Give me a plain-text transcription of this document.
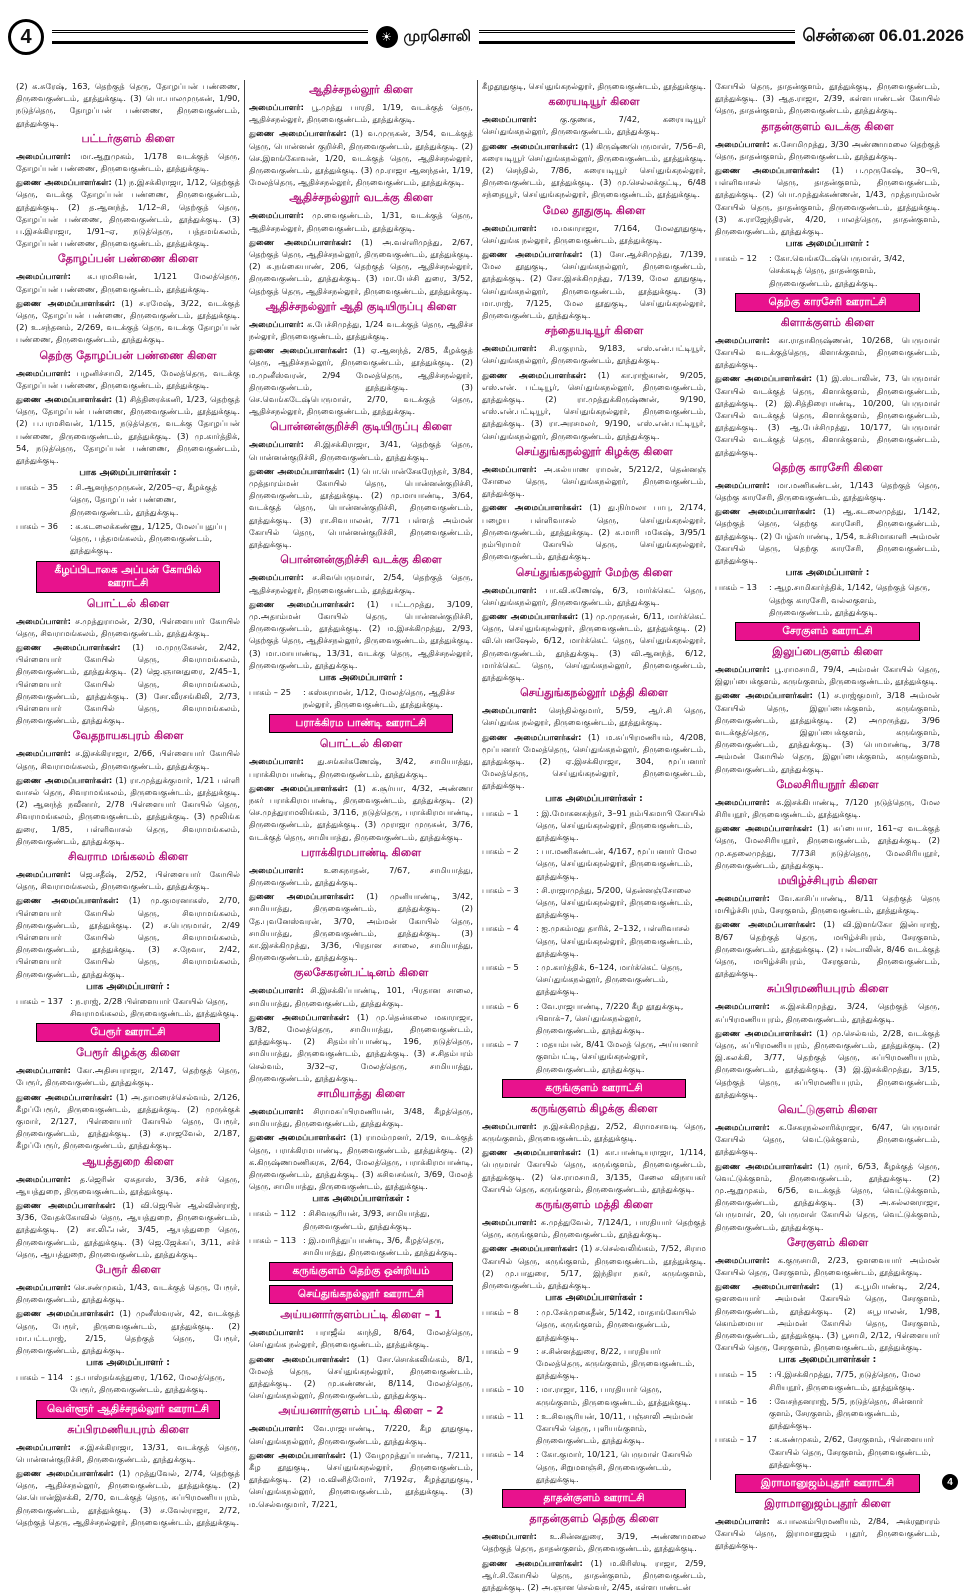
4	☀ முரசொலி	சென்னை 06.01.2026
(2) க.சுரேஷ், 163, தெற்குத் தெரு, தோழப்பன் பண்ணை, திருவைகுண்டம், தூத்துக்குடி. (3) பொ.பாலமுருகன், 1/90, நடுத்தெரு, தோழப்பன் பண்ணை, திருவைகுண்டம், தூத்துக்குடி.
பட்டர்குளம் கிளை
அமைப்பாளர்: மா.ஆறுமுகம், 1/178 வடக்குத் தெரு, தோழப்பன் பண்ணை, திருவைகுண்டம், தூத்துக்குடி.
துணை அமைப்பாளர்கள்: (1) ந.இசக்கிராஜா, 1/12, தெற்குத் தெரு, வடக்கு தோழப்பன் பண்ணை, திருவைகுண்டம், தூத்துக்குடி. (2) த.ஆனந்த், 1/12–சி, தெற்குத் தெரு, தோழப்பன் பண்ணை, திருவைகுண்டம், தூத்துக்குடி. (3) ப.இசக்கிராஜா, 1/91–ஏ, நடுத்தெரு, பத்தமங்கலம், தோழப்பன் பண்ணை, திருவைகுண்டம், தூத்துக்குடி.
தோழப்பன் பண்ணை கிளை
அமைப்பாளர்: க.பரமசிவன், 1/121 மேலத்தெரு, தோழப்பன் பண்ணை, திருவைகுண்டம், தூத்துக்குடி.
துணை அமைப்பாளர்கள்: (1) ச.ரமேஷ், 3/22, வடக்குத் தெரு, தோழப்பன் பண்ணை, திருவைகுண்டம், தூத்துக்குடி. (2) உ.சந்தனம், 2/269, வடக்குத் தெரு, வடக்கு தோழப்பன் பண்ணை, திருவைகுண்டம், தூத்துக்குடி.
தெற்கு தோழப்பன் பண்ணை கிளை
அமைப்பாளர்: பழனிச்சாமி, 2/145, மேலத்தெரு, வடக்கு தோழப்பன் பண்ணை, திருவைகுண்டம், தூத்துக்குடி.
துணை அமைப்பாளர்கள்: (1) சித்திரைக்கனி, 1/23, தெற்குத் தெரு, தோழப்பன் பண்ணை, திருவைகுண்டம், தூத்துக்குடி. (2) ப.பரமசிவன், 1/115, நடுத்தெரு, வடக்கு தோழப்பன் பண்ணை, திருவைகுண்டம், தூத்துக்குடி. (3) மு.கார்த்திக், 54, நடுத்தெரு, தோழப்பன் பண்ணை, திருவைகுண்டம், தூத்துக்குடி.
பாக அமைப்பாளர்கள் :
பாகம் – 35	: சி.ஆனந்தமுருகன், 2/205–ஏ, கீழக்குத் தெரு, தோழப்பன் பண்ணை, திருவைகுண்டம், தூத்துக்குடி.
பாகம் – 36	: க.கடலைக்கண்ணு, 1/125, மேலப்புதுப்பு தெரு, பத்தமங்கலம், திருவைகுண்டம், தூத்துக்குடி.
கீழப்பிடாகை அப்பன் கோயில் ஊராட்சி
பொட்டல் கிளை
அமைப்பாளர்: ச.முத்துராமன், 2/30, பிள்ளையார் கோயில் தெரு, சிவராமங்கலம், திருவைகுண்டம், தூத்துக்குடி.
துணை அமைப்பாளர்கள்: (1) ம.முருகேசன், 2/42, பிள்ளையார் கோயில் தெரு, சிவராமங்கலம், திருவைகுண்டம், தூத்துக்குடி. (2) ஜெ.ஞானதுரை, 2/45–1, பிள்ளையார் கோயில் தெரு, சிவராமங்கலம், திருவைகுண்டம், தூத்துக்குடி. (3) சோ.வீரசங்கிலி, 2/73, பிள்ளையார் கோயில் தெரு, சிவராமங்கலம், திருவைகுண்டம், தூத்துக்குடி.
வேதநாயகபுரம் கிளை
அமைப்பாளர்: ச.இசக்கிராஜா, 2/66, பிள்ளையார் கோயில் தெரு, சிவராமங்கலம், திருவைகுண்டம், தூத்துக்குடி.
துணை அமைப்பாளர்கள்: (1) ரா.முத்துக்குமார், 1/21 பள்ளி வாசல் தெரு, சிவராமங்கலம், திருவைகுண்டம், தூத்துக்குடி. (2) ஆனந்த் நவீனார், 2/78 பிள்ளையார் கோயில் தெரு, சிவராமங்கலம், திருவைகுண்டம், தூத்துக்குடி. (3) மூலிங்க துரை, 1/85, பள்ளிவாசல் தெரு, சிவராமங்கலம், திருவைகுண்டம், தூத்துக்குடி.
சிவராம மங்கலம் கிளை
அமைப்பாளர்: ஜெ.சதீஷ், 2/52, பிள்ளையார் கோயில் தெரு, சிவராமங்கலம், திருவைகுண்டம், தூத்துக்குடி.
துணை அமைப்பாளர்கள்: (1) மு.குமரனாகஸ், 2/70, பிள்ளையார் கோயில் தெரு, சிவராமங்கலம், திருவைகுண்டம், தூத்துக்குடி. (2) ச.பெருமாள், 2/49 பிள்ளையார் கோயில் தெரு, சிவராமங்கலம், திருவைகுண்டம், தூத்துக்குடி. (3) ச.நேவா, 2/42, பிள்ளையார் கோயில் தெரு, சிவராமங்கலம், திருவைகுண்டம், தூத்துக்குடி.
பாக அமைப்பாளர் :
பாகம் – 137 : ந.ராஜ், 2/28 பிள்ளையார் கோயில் தெரு, சிவராமங்கலம், திருவைகுண்டம், தூத்துக்குடி.
பேரூர் ஊராட்சி
பேரூர் கிழக்கு கிளை
அமைப்பாளர்: கோ.அதிசயராஜா, 2/147, தெற்குத் தெரு, பேரூர், திருவைகுண்டம், தூத்துக்குடி.
துணை அமைப்பாளர்கள்: (1) அ.தாமரைச்செல்வம், 2/126, கீழப்பேரூர், திருவைகுண்டம், தூத்துக்குடி. (2) முருக்குக் குமார், 2/127, பிள்ளையார் கோயில் தெரு, பேரூர், திருவைகுண்டம், தூத்துக்குடி. (3) ச.ராஜவேல், 2/187, கீழப்பேரூர், திருவைகுண்டம், தூத்துக்குடி.
ஆயத்துறை கிளை
அமைப்பாளர்: த.ஜெரின் ஏசுதாஸ், 3/36, சர்ச் தெரு, ஆயத்துறை, திருவைகுண்டம், தூத்துக்குடி.
துணை அமைப்பாளர்கள்: (1) வி.ஜெபின் ஆல்வின்ராஜ், 3/36, வேதக்கோவில் தெரு, ஆயத்துறை, திருவைகுண்டம், தூத்துக்குடி. (2) சா.லிஃபன், 3/45, ஆயத்துறை தெரு, திருவைகுண்டம், தூத்துக்குடி. (3) ஜெ.ஜேக்கப், 3/11, சர்ச் தெரு, ஆயத்துறை, திருவைகுண்டம், தூத்துக்குடி.
பேரூர் கிளை
அமைப்பாளர்: செ.சண்முகம், 1/43, வடக்குத் தெரு, பேரூர், திருவைகுண்டம், தூத்துக்குடி.
துணை அமைப்பாளர்கள்: (1) முனீஸ்வரன், 42, வடக்குத் தெரு, பேரூர், திருவைகுண்டம், தூத்துக்குடி. (2) மா.பட்டராஜ், 2/15, தெற்குத் தெரு, பேரூர், திருவைகுண்டம், தூத்துக்குடி.
பாக அமைப்பாளர் :
பாகம் – 114 : த.பாஸ்தங்கத்துரை, 1/162, மேலத்தெரு, பேரூர், திருவைகுண்டம், தூத்துக்குடி.
வெள்ளூர் ஆதிச்சநல்லூர் ஊராட்சி
சுப்பிரமணியபுரம் கிளை
அமைப்பாளர்: ச.இசக்கிராஜா, 13/31, வடக்குத் தெரு, பொன்னன்குறிச்சி, திருவைகுண்டம், தூத்துக்குடி.
துணை அமைப்பாளர்கள்: (1) முத்துவேல், 2/74, தெற்குத் தெரு, ஆதிச்சநல்லூர், திருவைகுண்டம், தூத்துக்குடி. (2) செ.பொன்இசக்கி, 2/70, வடக்குத் தெரு, சுப்பிரமணியபுரம், திருவைகுண்டம், தூத்துக்குடி. (3) ச.வேல்ராஜா, 2/72, தெற்குத் தெரு, ஆதிச்சநல்லூர், திருவைகுண்டம், தூத்துக்குடி.
ஆதிச்சநல்லூர் கிளை
அமைப்பாளர்: பூ.முத்து பாரதி, 1/19, வடக்குத் தெரு, ஆதிச்சநல்லூர், திருவைகுண்டம், தூத்துக்குடி.
துணை அமைப்பாளர்கள்: (1) வ.முருகன், 3/54, வடக்குத் தெரு, பொன்னன் குறிச்சி, திருவைகுண்டம், தூத்துக்குடி. (2) செ.இளங்கோவன், 1/20, வடக்குத் தெரு, ஆதிச்சநல்லூர், திருவைகுண்டம், தூத்துக்குடி. (3) மு.ராஜா ஆனந்தன், 1/19, மேலத்தெரு, ஆதிச்சநல்லூர், திருவைகுண்டம், தூத்துக்குடி.
ஆதிச்சநல்லூர் வடக்கு கிளை
அமைப்பாளர்: மு.வைகுண்டம், 1/31, வடக்குத் தெரு, ஆதிச்சநல்லூர், திருவைகுண்டம், தூத்துக்குடி.
துணை அமைப்பாளர்கள்: (1) அ.வள்ளிமுத்து, 2/67, தெற்குத் தெரு, ஆதிச்சநல்லூர், திருவைகுண்டம், தூத்துக்குடி. (2) சு.நங்கையாண், 206, தெற்குத் தெரு, ஆதிச்சநல்லூர், திருவைகுண்டம், தூத்துக்குடி. (3) மா.பேச்சி துரை, 3/52, தெற்குத் தெரு, ஆதிச்சநல்லூர், திருவைகுண்டம், தூத்துக்குடி.
ஆதிச்சநல்லூர் ஆதி குடியிருப்பு கிளை
அமைப்பாளர்: க.பேச்சிமுத்து, 1/24 வடக்குத் தெரு, ஆதிச்ச நல்லூர், திருவைகுண்டம், தூத்துக்குடி.
துணை அமைப்பாளர்கள்: (1) ஏ.ஆனந்த், 2/85, கீழக்குத் தெரு, ஆதிச்சநல்லூர், திருவைகுண்டம், தூத்துக்குடி. (2) ம.முனீஸ்வரன், 2/94 மேலத்தெரு, ஆதிச்சநல்லூர், திருவைகுண்டம், தூத்துக்குடி. (3) செ.வெங்கடேஷ்பெருமாள், 2/70, வடக்குத் தெரு, ஆதிச்சநல்லூர், திருவைகுண்டம், தூத்துக்குடி.
பொன்னன்குறிச்சி குடியிருப்பு கிளை
அமைப்பாளர்: சி.இசக்கிராஜா, 3/41, தெற்குத் தெரு, பொன்னன்குறிச்சி, திருவைகுண்டம், தூத்துக்குடி.
துணை அமைப்பாளர்கள்: (1) பொ.பொன்சேகரேந்தர், 3/84, முத்தாரம்மன் கோயில் தெரு, பொன்னன்குறிச்சி, திருவைகுண்டம், தூத்துக்குடி. (2) மு.மாயாண்டி, 3/64, வடக்குத் தெரு, பொன்னன்குறிச்சி, திருவைகுண்டம், தூத்துக்குடி. (3) ரா.சிவபாலன், 7/71 பள்ளத் அம்மன் கோயில் தெரு, பொன்னன்குறிச்சி, திருவைகுண்டம், தூத்துக்குடி.
பொன்னன்குறிச்சி வடக்கு கிளை
அமைப்பாளர்: ச.சிவபெருமாள், 2/54, தெற்குத் தெரு, ஆதிச்சநல்லூர், திருவைகுண்டம், தூத்துக்குடி.
துணை அமைப்பாளர்கள்: (1) பட்டமுத்து, 3/109, மு.அதாம்மன் கோயில் தெரு, பொன்னன்குறிச்சி, திருவைகுண்டம், தூத்துக்குடி. (2) ம.இசக்கிமுத்து, 2/93, தெற்குத் தெரு, ஆதிச்சநல்லூர், திருவைகுண்டம், தூத்துக்குடி. (3) மா.மாயாண்டி, 13/31, வடக்கு தெரு, ஆதிச்சநல்லூர், திருவைகுண்டம், தூத்துக்குடி.
பாக அமைப்பாளர் :
பாகம் – 25	: கஸ்சுராமன், 1/12, மேலத்தெரு, ஆதிச்ச நல்லூர், திருவைகுண்டம், தூத்துக்குடி.
பராக்கிரம பாண்டி ஊராட்சி
பொட்டல் கிளை
அமைப்பாளர்: து.சங்கர்கணேஷ், 3/42, சாமியாத்து, பராக்கிரமபாண்டி, திருவைகுண்டம், தூத்துக்குடி.
துணை அமைப்பாளர்கள்: (1) சு.சூர்யா, 4/32, அண்ணா நகர் பராக்கிரமபாண்டி, திருவைகுண்டம், தூத்துக்குடி. (2) செ.முத்துராமலிங்கம், 3/116, நடுத்தெரு, பராக்கிரமபாண்டி, திருவைகுண்டம், தூத்துக்குடி. (3) முராஜா முருகன், 3/76, வடக்குத் தெரு, சாமியாத்து, திருவைகுண்டம், தூத்துக்குடி.
பராக்கிரமபாண்டி கிளை
அமைப்பாளர்: உகைநாதன், 7/67, சாமியாத்து, திருவைகுண்டம், தூத்துக்குடி.
துணை அமைப்பாளர்கள்: (1) முனியாண்டி, 3/42, சாமியாத்து, திருவைகுண்டம், தூத்துக்குடி. (2) தே.புவனேஸ்வரன், 3/70, அம்மன் கோயில் தெரு, சாமியாத்து, திருவைகுண்டம், தூத்துக்குடி. (3) கா.இசக்கிமுத்து, 3/36, பிரதான சாலை, சாமியாத்து, திருவைகுண்டம், தூத்துக்குடி.
குலசேகரன்பட்டினம் கிளை
அமைப்பாளர்: சி.இசக்கிப்பாண்டி, 101, பிரதான சாலை, சாமியாத்து, திருவைகுண்டம், தூத்துக்குடி.
துணை அமைப்பாளர்கள்: (1) மு.தென்கலை மகாராஜா, 3/82, மேலத்தெரு, சாமியாத்து, திருவைகுண்டம், தூத்துக்குடி. (2) சிதம்பர்ப்பாண்டி, 196, நடுத்தெரு, சாமியாத்து, திருவைகுண்டம், தூத்துக்குடி. (3) ச.சிதம்பரம் செல்வம், 3/32–ஏ, மேலத்தெரு, சாமியாத்து, திருவைகுண்டம், தூத்துக்குடி.
சாமியாத்து கிளை
அமைப்பாளர்: சிராமசுப்பிரமணியன், 3/48, கீழத்தெரு, சாமியாத்து, திருவைகுண்டம், தூத்துக்குடி.
துணை அமைப்பாளர்கள்: (1) ராமம்முனர், 2/19, வடக்குத் தெரு, பராக்கிரமபாண்டி, திருவைகுண்டம், தூத்துக்குடி. (2) க.கிருஷ்ணமணிகரசு, 2/64, மேலத்தெரு, பராக்கிரமபாண்டி, திருவைகுண்டம், தூத்துக்குடி. (3) கசிவசங்கர், 3/69, மேலத் தெரு, சாமியாத்து, திருவைகுண்டம், தூத்துக்குடி.
பாக அமைப்பாளர்கள் :
பாகம் – 112 : சிசிவசூரியன், 3/93, சாமியாத்து, திருவைகுண்டம், தூத்துக்குடி.
பாகம் – 113 : இ.மாரித்துப்பாண்டி, 3/6, கீழத்தெரு, சாமியாத்து, திருவைகுண்டம், தூத்துக்குடி.
கருங்குளம் தெற்கு ஒன்றியம்
செய்துங்கநல்லூர் ஊராட்சி
அய்யனார்குளம்பட்டி கிளை – 1
அமைப்பாளர்: பராஜீவ் காந்தி, 8/64, மேலத்தெரு, செய்துங்க நல்லூர், திருவைகுண்டம், தூத்துக்குடி.
துணை அமைப்பாளர்கள்: (1) சோ.சொக்கலிங்கம், 8/1, மேலத் தெரு, செய்துங்கநல்லூர், திருவைகுண்டம், தூத்துக்குடி. (2) மு.கண்ணன், 8/114, மேலத்தெரு, செய்துங்கநல்லூர், திருவைகுண்டம், தூத்துக்குடி.
அய்யனார்குளம் பட்டி கிளை – 2
அமைப்பாளர்: வே.ராஜபாண்டி, 7/220, கீழ தூதுகுடி, செய்துங்கநல்லூர், திருவைகுண்டம், தூத்துக்குடி.
துணை அமைப்பாளர்கள்: (1) வேழமுத்துப்பாண்டி, 7/211, கீழ தூதுகுடி, செய்துங்கநல்லூர், திருவைகுண்டம், தூத்துக்குடி. (2) ம.வினித்மோர், 7/192ஏ, கீழத்தூதுகுடி, செய்துங்கநல்லூர், திருவைகுண்டம், தூத்துக்குடி. (3) ம.செல்வகுமார், 7/221,
கீழதூதுகுடி, செய்துங்கநல்லூர், திருவைகுண்டம், தூத்துக்குடி.
கரையடியூர் கிளை
அமைப்பாளர்:	கு.குணசு, 7/42, கரையடியூர் செய்துங்கநல்லூர், திருவைகுண்டம், தூத்துக்குடி.
துணை அமைப்பாளர்கள்: (1) கிருஷ்ணபெருமாள், 7/56–சி, கரையடியூர் செய்துங்கநல்லூர், திருவைகுண்டம், தூத்துக்குடி. (2) செந்தில், 7/86, கரையடியூர் செய்துங்கநல்லூர், திருவைகுண்டம், தூத்துக்குடி. (3) மு.செல்லக்குட்டி, 6/48 சந்தையூர், செய்துங்கநல்லூர், திருவைகுண்டம், தூத்துக்குடி.
மேல தூதுகுடி கிளை
அமைப்பாளர்: ம.மகாராஜா, 7/164, மேலதூதுகுடி, செய்துங்க நல்லூர், திருவைகுண்டம், தூத்துக்குடி.
துணை அமைப்பாளர்கள்: (1) சோ.ஆச்சிமுத்து, 7/139, மேல தூதுகுடி, செய்துங்கநல்லூர், திருவைகுண்டம், தூத்துக்குடி. (2) சோ.இசக்கிமுத்து, 7/139, மேல தூதுகுடி, செய்துங்கநல்லூர், திருவைகுண்டம், தூத்துக்குடி. (3) மா.ராஜ், 7/125, மேல தூதுகுடி, செய்துங்கநல்லூர், திருவைகுண்டம், தூத்துக்குடி.
சந்தையடியூர் கிளை
அமைப்பாளர்: சி.ரகுராம், 9/183, எஸ்.என்.பட்டியூர், செய்துங்கநல்லூர், திருவைகுண்டம், தூத்துக்குடி.
துணை அமைப்பாளர்கள்: (1) கா.ராஜ்கான், 9/205, எஸ்.என். பட்டியூர், செய்துங்கநல்லூர், திருவைகுண்டம், தூத்துக்குடி. (2) ரா.முத்துக்கிருஷ்ணன், 9/190, எஸ்.என்.பட்டியூர், செய்துங்கநல்லூர், திருவைகுண்டம், தூத்துக்குடி. (3) ரா.அரசமலர், 9/190, எஸ்.என்.பட்டியூர், செய்துங்கநல்லூர், திருவைகுண்டம், தூத்துக்குடி.
செய்துங்கநல்லூர் கிழக்கு கிளை
அமைப்பாளர்: அ.கல்யாண ராமன், 5/212/2, தென்னஞ் சோலை தெரு, செய்துங்கநல்லூர், திருவைகுண்டம், தூத்துக்குடி.
துணை அமைப்பாளர்கள்: (1) து.நிர்மலா பாபு, 2/174, பழைய பள்ளிவாசல் தெரு, செய்துங்கநல்லூர், திருவைகுண்டம், தூத்துக்குடி. (2) க.மாரி மகேஷ், 3/95/1 நம்பிராமர் கோயில் தெரு, செய்துங்கநல்லூர், திருவைகுண்டம், தூத்துக்குடி.
செய்துங்கநல்லூர் மேற்கு கிளை
அமைப்பாளர்: பா.வி.கணேஷ், 6/3, மார்க்கெட் தெரு, செய்துங்கநல்லூர், திருவைகுண்டம், தூத்துக்குடி.
துணை அமைப்பாளர்கள்: (1) மு.முருகன், 6/11, மார்க்கெட் தெரு, செய்துங்கநல்லூர், திருவைகுண்டம், தூத்துக்குடி. (2) வி.பெனஷேல், 6/12, மார்க்கெட் தெரு, செய்துங்கநல்லூர், திருவைகுண்டம், தூத்துக்குடி. (3) வி.ஆனந்த், 6/12, மார்க்கெட் தெரு, செய்துங்கநல்லூர், திருவைகுண்டம், தூத்துக்குடி.
செய்துங்கநல்லூர் மத்தி கிளை
அமைப்பாளர்: செந்தில்குமார், 5/59, ஆர்.சி தெரு, செய்துங்க நல்லூர், திருவைகுண்டம், தூத்துக்குடி.
துணை அமைப்பாளர்கள்: (1) ம.சுப்பிரமணியம், 4/208, மூப்பனார் மேலத்தெரு, செய்துங்கநல்லூர், திருவைகுண்டம், தூத்துக்குடி. (2) ஏ.இசக்கிராஜா, 304, மூப்பனார் மேலத்தெரு, செய்துங்கநல்லூர், திருவைகுண்டம், தூத்துக்குடி.
பாக அமைப்பாளர்கள் :
பாகம் – 1	: இ.மோகனசுந்தர், 3–91 நம்பிகமாபி கோயில் தெரு, செய்துங்கநல்லூர், திருவைகுண்டம், தூத்துக்குடி.
பாகம் – 2	: பா.மணிகண்டன், 4/167, மூப்பனார் மேல தெரு, செய்துங்கநல்லூர், திருவைகுண்டம், தூத்துக்குடி.
பாகம் – 3	: சி.ராஜாமுத்து, 5/200, தென்னஞ்சோலை தெரு, செய்துங்கநல்லூர், திருவைகுண்டம், தூத்துக்குடி.
பாகம் – 4	: ஐ.முகம்மது தாரிக், 2–132, பள்ளிவாசல் தெரு, செய்துங்கநல்லூர், திருவைகுண்டம், தூத்துக்குடி.
பாகம் – 5	: மு.கார்த்திக், 6–124, மார்க்கெட் தெரு, செய்துங்கநல்லூர், திருவைகுண்டம், தூத்துக்குடி.
பாகம் – 6	: வே.ராஜபாண்டி, 7/220 கீழ தூதுக்குடி, பிளாக்–7, செய்துங்கநல்லூர், திருவைகுண்டம், தூத்துக்குடி.
பாகம் – 7	: மதயம்பன், 8/41 மேலத் தெரு, அய்யனார் குளம்பட்டி, செய்துங்கநல்லூர், திருவைகுண்டம், தூத்துக்குடி.
கருங்குளம் ஊராட்சி
கருங்குளம் கிழக்கு கிளை
அமைப்பாளர்: ந.இசக்கிமுத்து, 2/52, கிராமசாவடி தெரு, கருங்குளம், திருவைகுண்டம், தூத்துக்குடி.
துணை அமைப்பாளர்கள்: (1) கா.பாண்டியராஜா, 1/114, பெருமாள் கோயில் தெரு, கருங்குளம், திருவைகுண்டம், தூத்துக்குடி. (2) செ.ராமசாமி, 3/135, சேலை விநாயகர் கோயில் தெரு, கருங்குளம், திருவைகுண்டம், தூத்துக்குடி.
கருங்குளம் மத்தி கிளை
அமைப்பாளர்: சு.முத்துவேல், 7/124/1, பாரதியார் தெற்குத் தெரு, கருங்குளம், திருவைகுண்டம், தூத்துக்குடி.
துணை அமைப்பாளர்கள்: (1) ச.செல்வலிங்கம், 7/52, சிராம கோயில் தெரு, கருங்குளம், திருவைகுண்டம், தூத்துக்குடி. (2) மு.பாதுரை, 5/17, இந்திரா நகர், கருங்குளம், திருவைகுண்டம், தூத்துக்குடி.
பாக அமைப்பாளர்கள் :
பாகம் – 8	: மு.சேக்முகைதீன், 5/142, மாதாங்கோயில் தெரு, கருங்குளம், திருவைகுண்டம், தூத்துக்குடி.
பாகம் – 9	: ச.சின்னத்துரை, 8/22, பாரதியார் மேலத்தெரு, கருங்குளம், திருவைகுண்டம், தூத்துக்குடி.
பாகம் – 10	: மா.ராஜா, 116, பாரதியார் தெரு, கருங்குளம், திருவைகுண்டம், தூத்துக்குடி.
பாகம் – 11	: உ.சிவசூரியன், 10/11, பஞ்சாலி அம்மன் கோயில் தெரு, புளியங்குளம், திருவைகுண்டம், தூத்துக்குடி.
பாகம் – 14	: கோ.குமார், 10/121, பெருமாள் கோயில் தெரு, சிறுமளஞ்சி, திருவைகுண்டம், தூத்துக்குடி.
தாதன்குளம் ஊராட்சி
தாதன்குளம் தெற்கு கிளை
அமைப்பாளர்: உ.சின்னதுரை, 3/19, அண்ணாமலை தெற்குத் தெரு, தாதன்குளம், திருவைகுண்டம், தூத்துக்குடி.
துணை அமைப்பாளர்கள்: (1) ம.கிரிஸ்டி ராஜா, 2/59, ஆர்.சி.கோயில் தெரு, தாதன்குளம், திருவைகுண்டம், தூத்துக்குடி. (2) அ.ஞான செல்வர், 2/45, கள்ளபாண்டன்
கோயில் தெரு, தாதன்குளம், தூத்துக்குடி, திருவைகுண்டம், தூத்துக்குடி. (3) ஆத.ராஜா, 2/39, கள்ளபாண்டன் கோயில் தெரு, தாதன்குளம், திருவைகுண்டம், தூத்துக்குடி.
தாதன்குளம் வடக்கு கிளை
அமைப்பாளர்: க.சோமிமுத்து, 3/30 அண்ணாமலை தெற்குத் தெரு, தாதன்குளம், திருவைகுண்டம், தூத்துக்குடி.
துணை அமைப்பாளர்கள்: (1) ப.முருகேஷ், 30–பி, பள்ளிவாசல் தெரு, தாதன்குளம், திருவைகுண்டம், தூத்துக்குடி. (2) பொ.முத்துக்கண்ணன், 1/43, முத்தாரம்மன் கோயில் தெரு, தாதன்குளம், திருவைகுண்டம், தூத்துக்குடி. (3) க.ராஜேந்திரன், 4/20, பாலத்தெரு, தாதன்குளம், திருவைகுண்டம், தூத்துக்குடி.
பாக அமைப்பாளர் :
பாகம் – 12	: கோ.வெங்கடேஷ்பெருமாள், 3/42, செக்கடித் தெரு, தாதன்குளம், திருவைகுண்டம், தூத்துக்குடி.
தெற்கு காரசேரி ஊராட்சி
கிளாக்குளம் கிளை
அமைப்பாளர்: கா.ராதாகிருஷ்ணன், 10/268, பெருமாள் கோயில் வடக்குத்தெரு, கிளாக்குளம், திருவைகுண்டம், தூத்துக்குடி.
துணை அமைப்பாளர்கள்: (1) இ.ஸ்டாலின், 73, பெருமாள் கோயில் வடக்குத் தெரு, கிளாக்குளம், திருவைகுண்டம், தூத்துக்குடி. (2) இ.சித்திரைபாண்டி, 10/200, பெருமாள் கோயில் வடக்குத் தெரு, கிளாக்குளம், திருவைகுண்டம், தூத்துக்குடி. (3) ஆ.பேச்சிமுத்து, 10/177, பெருமாள் கோயில் வடக்குத் தெரு, கிளாக்குளம், திருவைகுண்டம், தூத்துக்குடி.
தெற்கு காரசேரி கிளை
அமைப்பாளர்: மா.மணிகண்டன், 1/143 தெற்குத் தெரு, தெற்கு காரசேரி, திருவைகுண்டம், தூத்துக்குடி.
துணை அமைப்பாளர்கள்: (1) ஆ.கடலைமுத்து, 1/142, தெற்குத் தெரு, தெற்கு காரசேரி, திருவைகுண்டம், தூத்துக்குடி. (2) பேழ்கர்பாண்டி, 1/54, உச்சிமாகாளி அம்மன் கோயில் தெரு, தெற்கு காரசேரி, திருவைகுண்டம், தூத்துக்குடி.
பாக அமைப்பாளர் :
பாகம் – 13	: ஆழ.சாமிகார்த்திக், 1/142, தெற்குத் தெரு, தெற்கு காரசேரி, வல்லகுளம், திருவைகுண்டம், தூத்துக்குடி.
சேரகுளம் ஊராட்சி
இலுப்பைகுளம் கிளை
அமைப்பாளர்: பூ.ராமசாமி, 79/4, அம்மன் கோயில் தெரு, இலுப்பைக்குளம், கருங்குளம், திருவைகுண்டம், தூத்துக்குடி.
துணை அமைப்பாளர்கள்: (1) ச.ராஜ்குமார், 3/18 அம்மன் கோயில் தெரு, இலுப்பைக்குளம், கருங்குளம், திருவைகுண்டம், தூத்துக்குடி. (2) அமுருத்து, 3/96 வடக்குத்தெரு, இலுப்பைக்குளம், கருங்குளம், திருவைகுண்டம், தூத்துக்குடி. (3) பொமாண்டி, 3/78 அம்மன் கோயில் தெரு, இலுப்பைக்குளம், கருங்குளம், திருவைகுண்டம், தூத்துக்குடி.
மேலசிரியநூர் கிளை
அமைப்பாளர்: சு.இசக்கிபாண்டி, 7/120 நடுத்தெரு, மேல சிரியநூர், திருவைகுண்டம், தூத்துக்குடி.
துணை அமைப்பாளர்கள்: (1) சுப்பையா, 161–ஏ வடக்குத் தெரு, மேலசிரியநூர், திருவைகுண்டம், தூத்துக்குடி. (2) மு.சுதலைமுத்து, 7/73சி நடுத்தெரு, மேலசிரியநூர், திருவைகுண்டம், தூத்துக்குடி.
மயிழ்ச்சிபுரம் கிளை
அமைப்பாளர்: வே.காசிப்பாண்டி, 8/11 தெற்குத் தெரு மயிழ்ச்சிபுரம், சேரகுளம், திருவைகுண்டம், தூத்துக்குடி.
துணை அமைப்பாளர்கள்: (1) வி.இளங்கோ இன்பராஜ், 8/67 தெற்குத் தெரு, மயிழ்ச்சிபுரம், சேரகுளம், திருவைகுண்டம், தூத்துக்குடி. (2) பல்டாலின், 8/46 வடக்குத் தெரு, மயிழ்ச்சிபுரம், சேரகுளம், திருவைகுண்டம், தூத்துக்குடி.
சுப்பிரமணியபுரம் கிளை
அமைப்பாளர்: சு.இசக்கிமுத்து, 3/24, தெற்குத் தெரு, சுப்பிரமணியபுரம், திருவைகுண்டம், தூத்துக்குடி.
துணை அமைப்பாளர்கள்: (1) மு.செல்வம், 2/28, வடக்குத் தெரு, சுப்பிரமணியபுரம், திருவைகுண்டம், தூத்துக்குடி. (2) இ.சுலக்கி, 3/77, தெற்குத் தெரு, சுப்பிரமணியபுரம், திருவைகுண்டம், தூத்துக்குடி. (3) இ.இசக்கிமுத்து, 3/15, தெற்குத் தெரு, சுப்பிரமணியபுரம், திருவைகுண்டம், தூத்துக்குடி.
வெட்டுகுளம் கிளை
அமைப்பாளர்: க.சேகரநல்லாரிக்ராஜா, 6/47, பெருமாள் கோயில் தெரு, வெட்டுக்குளம், திருவைகுண்டம், தூத்துக்குடி.
துணை அமைப்பாளர்கள்: (1) ருார், 6/53, கீழக்குத் தெரு, வெட்டுக்குளம், திருவைகுண்டம், தூத்துக்குடி. (2) மு.ஆறுமுகம், 6/56, வடக்குத் தெரு, வெட்டுக்குளம், திருவைகுண்டம், தூத்துக்குடி. (3) அ.சுல்லனராஜா, பெருமாள், 20, பெருமாள் கோயில் தெரு, வெட்டுக்குளம், திருவைகுண்டம், தூத்துக்குடி.
சேரகுளம் கிளை
அமைப்பாளர்: க.குருசாமி, 2/23, ஒளவையார் அம்மன் கோயில் தெரு, சேரகுளம், திருவைகுண்டம், தூத்துக்குடி.
துணை அமைப்பாளர்கள்: (1) க.பூமிபாண்டி, 2/24, ஒளவையார் அம்மன் கோயில் தெரு, சேரகுளம், திருவைகுண்டம், தூத்துக்குடி. (2) சுபூபாலன், 1/98, கொம்மையா அம்மன் கோயில் தெரு, சேரகுளம், திருவைகுண்டம், தூத்துக்குடி. (3) பூசாமி, 2/12, பிள்ளையார் கோயில் தெரு, சேரகுளம், திருவைகுண்டம், தூத்துக்குடி.
பாக அமைப்பாளர்கள் :
பாகம் – 15	: பி.இசக்கிமுத்து, 7/75, நடுத்தெரு, மேல சிரியநூர், திருவைகுண்டம், தூத்துக்குடி.
பாகம் – 16	: வேசந்தனராஜ், 5/5, நடுத்தெரு, சின்னார் குளம், சேரகுளம், திருவைகுண்டம், தூத்துக்குடி.
பாகம் – 17	: க.கண்முகம், 2/62, சேரகுளம், பிள்ளையார் கோயில் தெரு, சேரகுளம், திருவைகுண்டம், தூத்துக்குடி.
இராமானுஜம்புதூர் ஊராட்சி
இராமானுஜம்புதூர் கிளை
அமைப்பாளர்: க.பாலகம்பிரமணியம், 2/84, அக்ரஹாரம் கோயில் தெரு, இராமானுஜம் புதூர், திருவைகுண்டம், தூத்துக்குடி.
4
